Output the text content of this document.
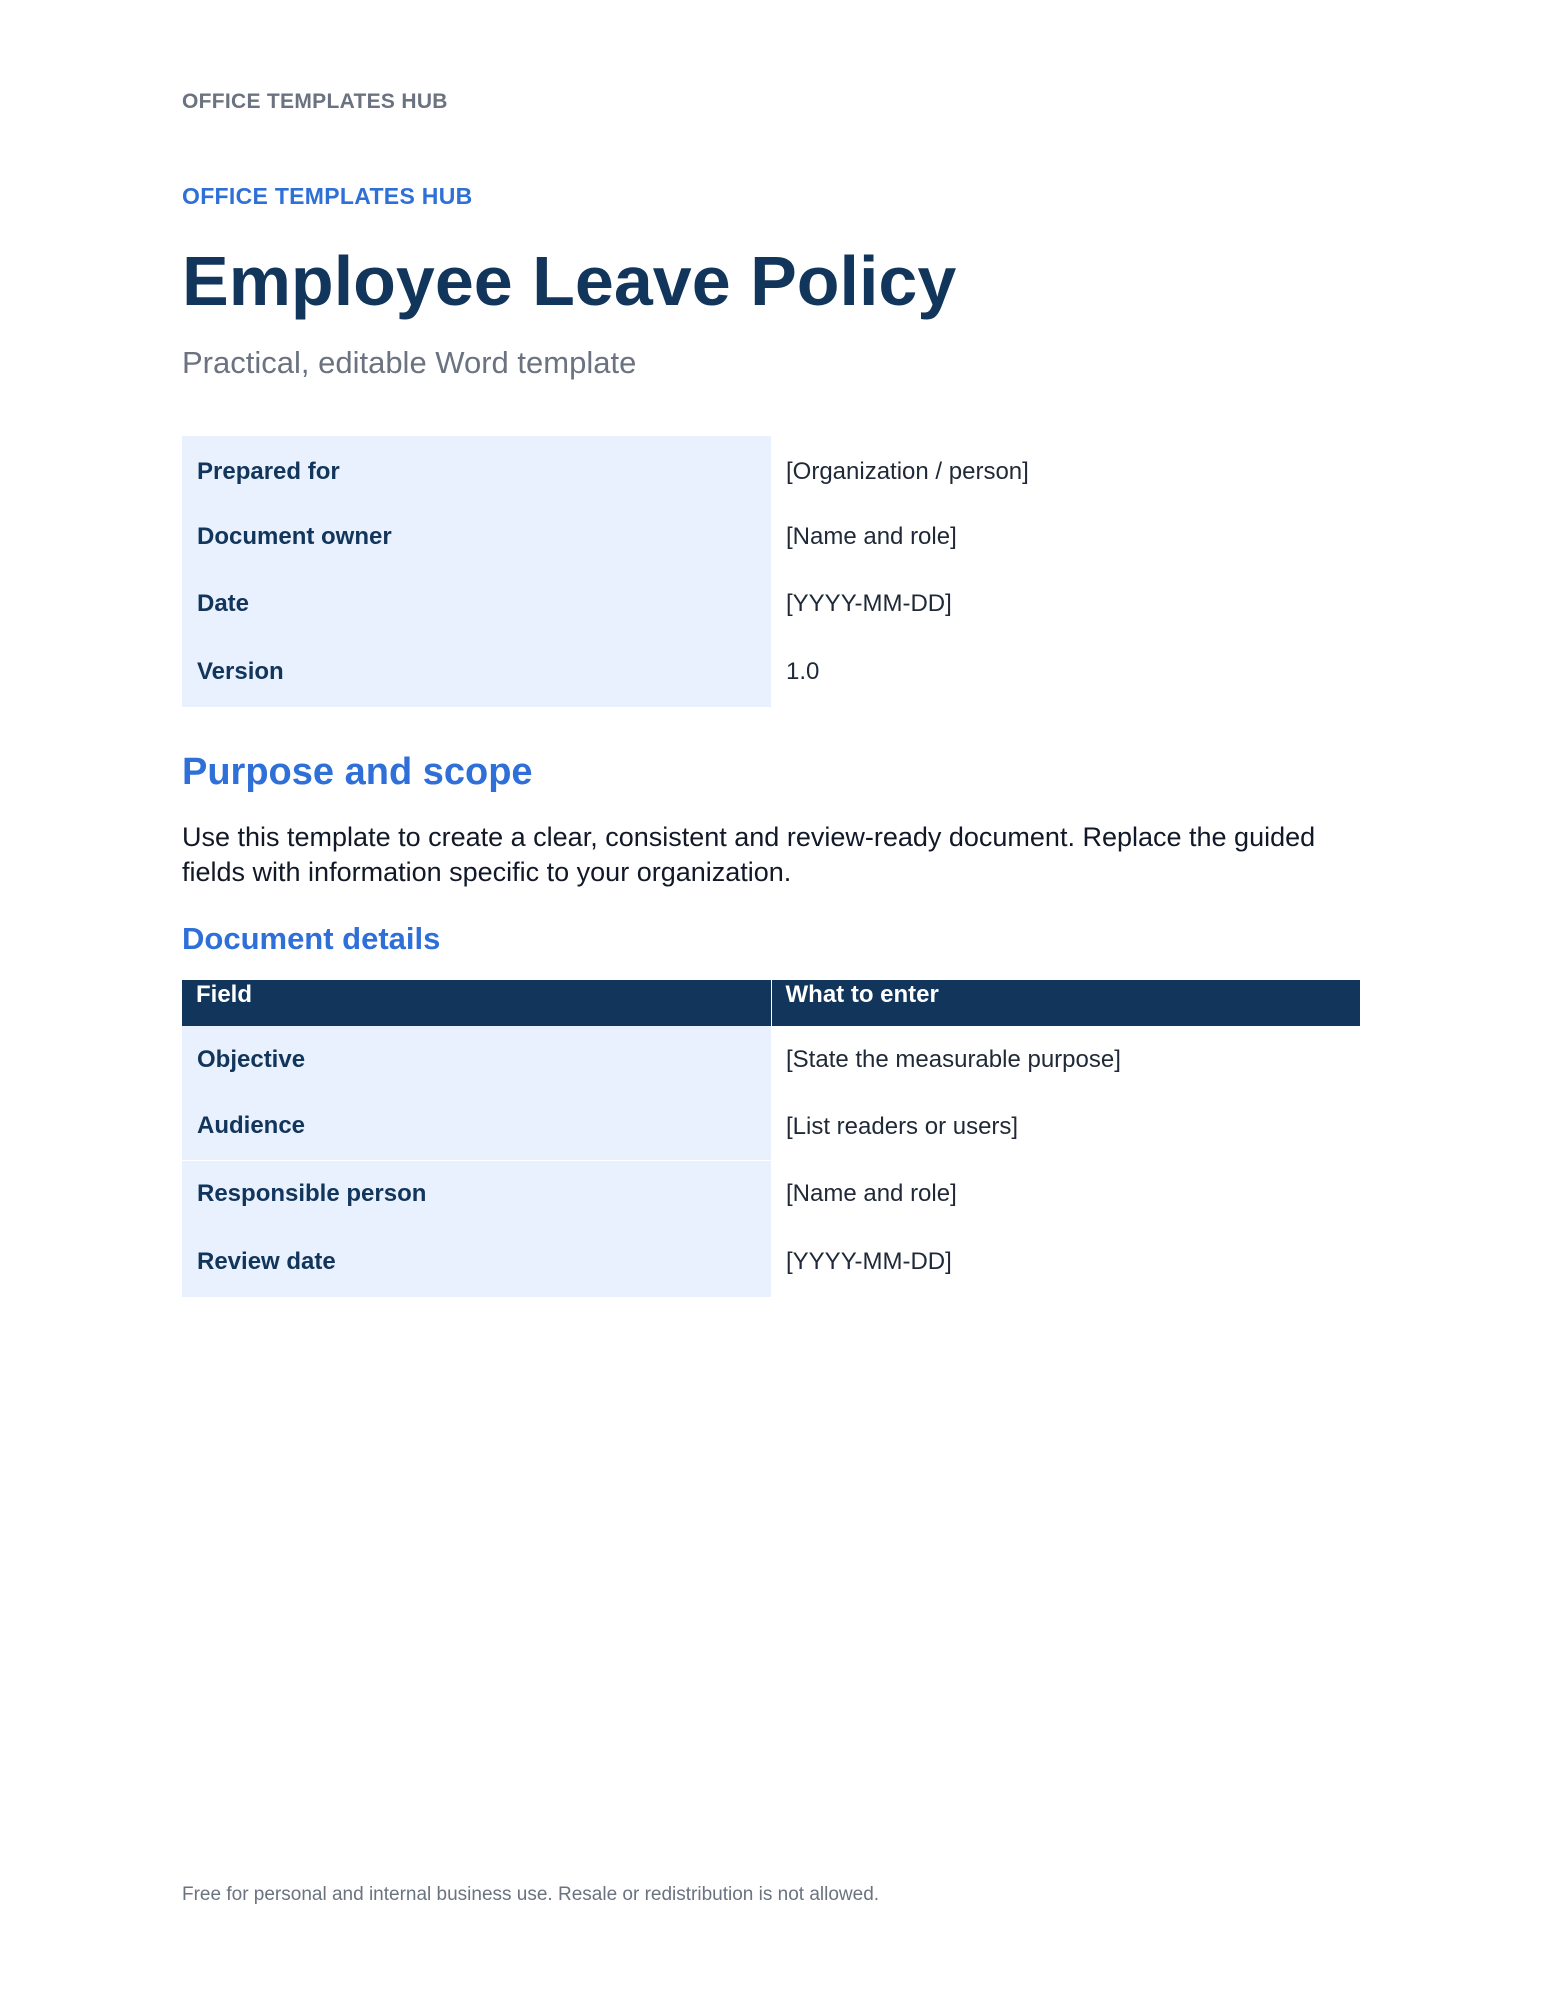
OFFICE TEMPLATES HUB
OFFICE TEMPLATES HUB
Employee Leave Policy
Practical, editable Word template
Prepared for	[Organization / person]
Document owner	[Name and role]
Date	[YYYY-MM-DD]
Version	1.0
Purpose and scope

Use this template to create a clear, consistent and review-ready document. Replace the guided fields with information specific to your organization.

Document details
Field	What to enter
Objective	[State the measurable purpose]
Audience	[List readers or users]
Responsible person	[Name and role]
Review date	[YYYY-MM-DD]
Free for personal and internal business use. Resale or redistribution is not allowed.
